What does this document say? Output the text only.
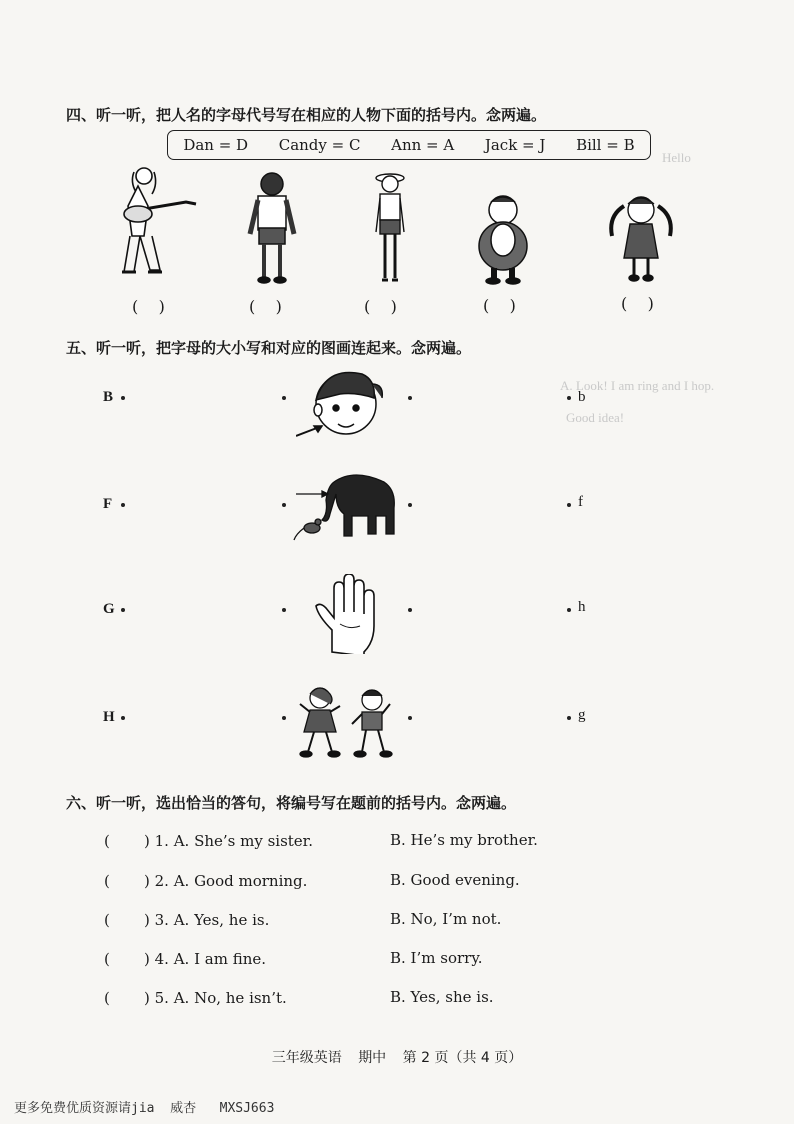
Hello
A. Look! I am ring and I hop.
Good idea!
四、听一听，把人名的字母代号写在相应的人物下面的括号内。念两遍。
Dan = D Candy = C Ann = A Jack = J Bill = B
(    )	(    )	(    )	(    )	(    )
五、听一听，把字母的大小写和对应的图画连起来。念两遍。
B	b
F	f
G	h
H	g
六、听一听，选出恰当的答句，将编号写在题前的括号内。念两遍。
( ) 1. A. She’s my sister.	B. He’s my brother.
( ) 2. A. Good morning.	B. Good evening.
( ) 3. A. Yes, he is.	B. No, I’m not.
( ) 4. A. I am fine.	B. I’m sorry.
( ) 5. A. No, he isn’t.	B. Yes, she is.
三年级英语 期中 第 2 页（共 4 页）
更多免费优质资源请jia  威杏   MXSJ663
